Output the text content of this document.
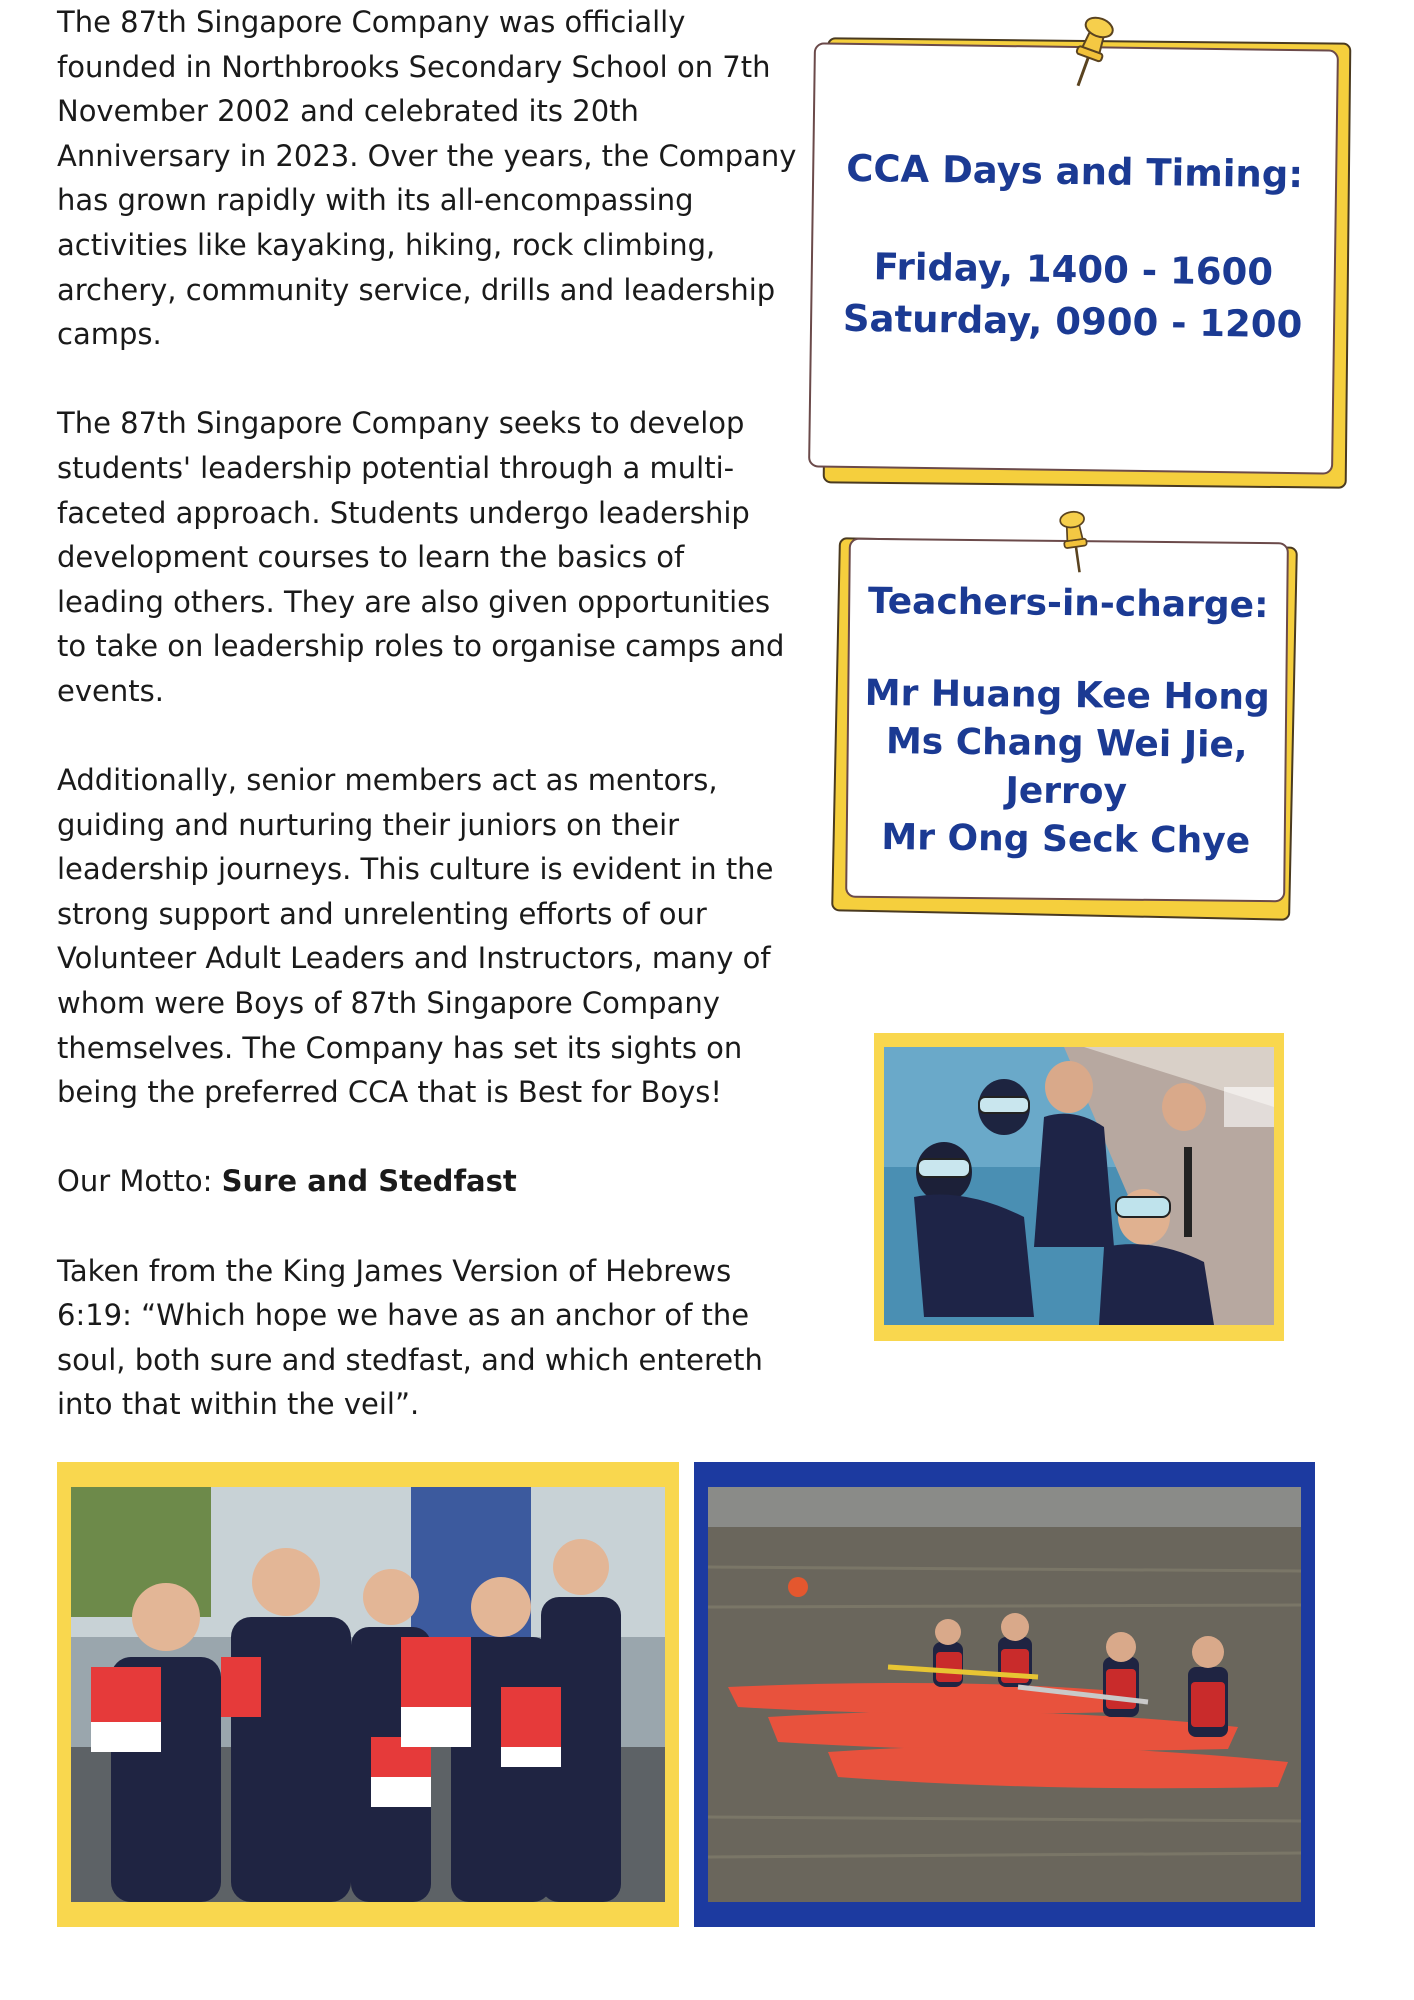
The 87th Singapore Company was officially founded in Northbrooks Secondary School on 7th November 2002 and celebrated its 20th Anniversary in 2023. Over the years, the Company has grown rapidly with its all-encompassing activities like kayaking, hiking, rock climbing, archery, community service, drills and leadership camps.

The 87th Singapore Company seeks to develop students' leadership potential through a multi-faceted approach. Students undergo leadership development courses to learn the basics of leading others. They are also given opportunities to take on leadership roles to organise camps and events.

Additionally, senior members act as mentors, guiding and nurturing their juniors on their leadership journeys. This culture is evident in the strong support and unrelenting efforts of our Volunteer Adult Leaders and Instructors, many of whom were Boys of 87th Singapore Company themselves. The Company has set its sights on being the preferred CCA that is Best for Boys!

Our Motto: Sure and Stedfast

Taken from the King James Version of Hebrews 6:19: “Which hope we have as an anchor of the soul, both sure and stedfast, and which entereth into that within the veil”.

CCA Days and Timing:
Friday, 1400 - 1600
Saturday, 0900 - 1200
Teachers-in-charge:
Mr Huang Kee Hong
Ms Chang Wei Jie,
Jerroy
Mr Ong Seck Chye
